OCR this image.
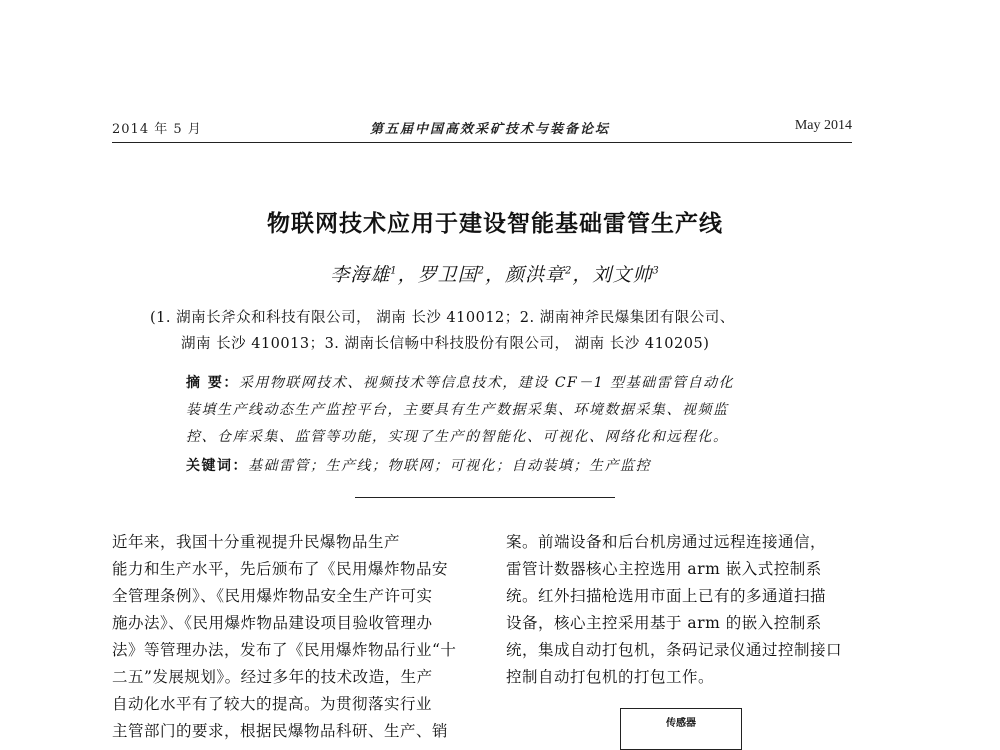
2014 年 5 月	第五届中国高效采矿技术与装备论坛	May 2014
物联网技术应用于建设智能基础雷管生产线
李海雄$^1$，罗卫国$^2$，颜洪章$^2$，刘文帅$^3$
(1. 湖南长斧众和科技有限公司， 湖南 长沙 410012；2. 湖南神斧民爆集团有限公司、
湖南 长沙 410013；3. 湖南长信畅中科技股份有限公司， 湖南 长沙 410205)
摘 要：采用物联网技术、视频技术等信息技术，建设 CF－1 型基础雷管自动化
装填生产线动态生产监控平台，主要具有生产数据采集、环境数据采集、视频监
控、仓库采集、监管等功能，实现了生产的智能化、可视化、网络化和远程化。
关键词：基础雷管；生产线；物联网；可视化；自动装填；生产监控
近年来，我国十分重视提升民爆物品生产
能力和生产水平，先后颁布了《民用爆炸物品安
全管理条例》、《民用爆炸物品安全生产许可实
施办法》、《民用爆炸物品建设项目验收管理办
法》等管理办法，发布了《民用爆炸物品行业“十
二五”发展规划》。经过多年的技术改造，生产
自动化水平有了较大的提高。为贯彻落实行业
主管部门的要求，根据民爆物品科研、生产、销
案。前端设备和后台机房通过远程连接通信，
雷管计数器核心主控选用 arm 嵌入式控制系
统。红外扫描枪选用市面上已有的多通道扫描
设备，核心主控采用基于 arm 的嵌入控制系
统，集成自动打包机，条码记录仪通过控制接口
控制自动打包机的打包工作。
传感器
